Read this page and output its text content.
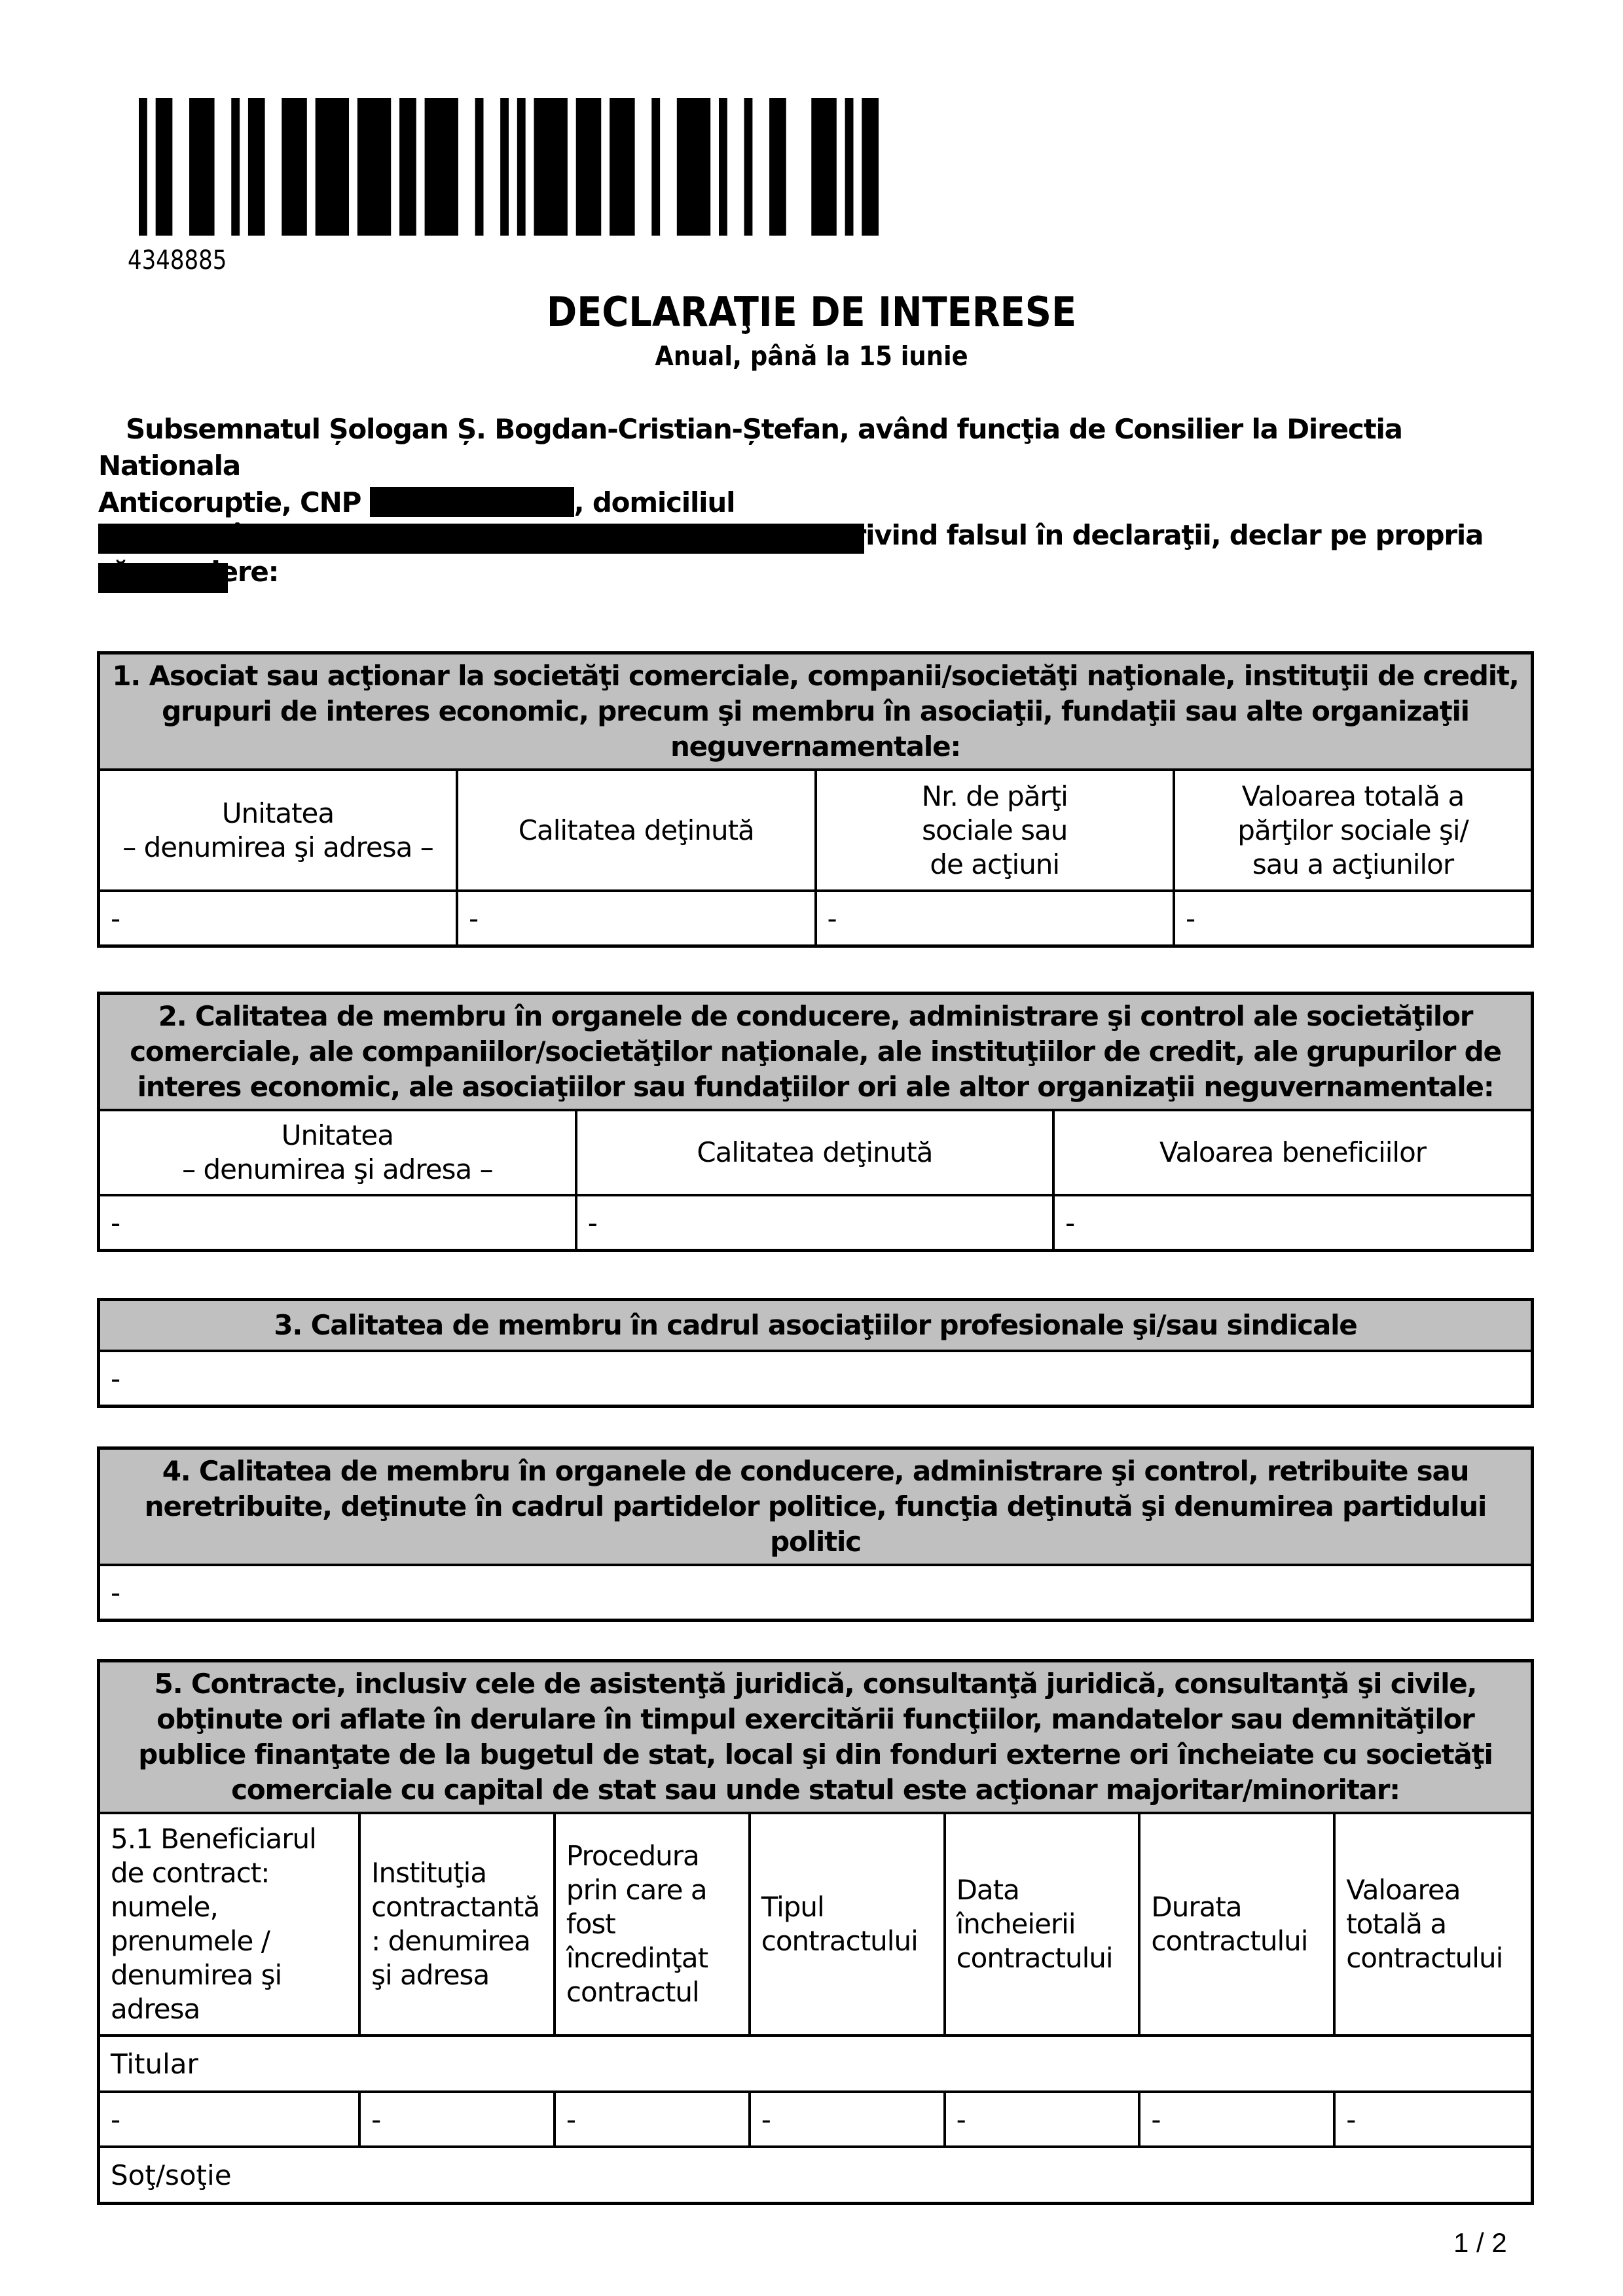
4348885
DECLARAŢIE DE INTERESE
Anual, până la 15 iunie
Subsemnatul Șologan Ș. Bogdan-Cristian-Ștefan, având funcţia de Consilier la Directia Nationala
Anticoruptie, CNP	, domiciliul
cunoscând prevederile art. 292 din Codul penal privind falsul în declaraţii, declar pe propria răspundere:
1. Asociat sau acţionar la societăţi comerciale, companii/societăţi naţionale, instituţii de credit, grupuri de interes economic, precum şi membru în asociaţii, fundaţii sau alte organizaţii neguvernamentale:			
Unitatea
– denumirea şi adresa –	Calitatea deţinută	Nr. de părţi
sociale sau
de acţiuni	Valoarea totală a
părţilor sociale şi/
sau a acţiunilor
-	-	-	-
2. Calitatea de membru în organele de conducere, administrare şi control ale societăţilor comerciale, ale companiilor/societăţilor naţionale, ale instituţiilor de credit, ale grupurilor de interes economic, ale asociaţiilor sau fundaţiilor ori ale altor organizaţii neguvernamentale:		
Unitatea
– denumirea şi adresa –	Calitatea deţinută	Valoarea beneficiilor
-	-	-
3. Calitatea de membru în cadrul asociaţiilor profesionale şi/sau sindicale
-
4. Calitatea de membru în organele de conducere, administrare şi control, retribuite sau neretribuite, deţinute în cadrul partidelor politice, funcţia deţinută şi denumirea partidului politic
-
5. Contracte, inclusiv cele de asistenţă juridică, consultanţă juridică, consultanţă şi civile, obţinute ori aflate în derulare în timpul exercitării funcţiilor, mandatelor sau demnităţilor publice finanţate de la bugetul de stat, local şi din fonduri externe ori încheiate cu societăţi comerciale cu capital de stat sau unde statul este acţionar majoritar/minoritar:						
5.1 Beneficiarul de contract: numele, prenumele / denumirea şi adresa	Instituţia contractantă : denumirea şi adresa	Procedura prin care a fost încredinţat contractul	Tipul contractului	Data încheierii contractului	Durata contractului	Valoarea totală a contractului
Titular						
-	-	-	-	-	-	-
Soţ/soţie						
1 / 2
